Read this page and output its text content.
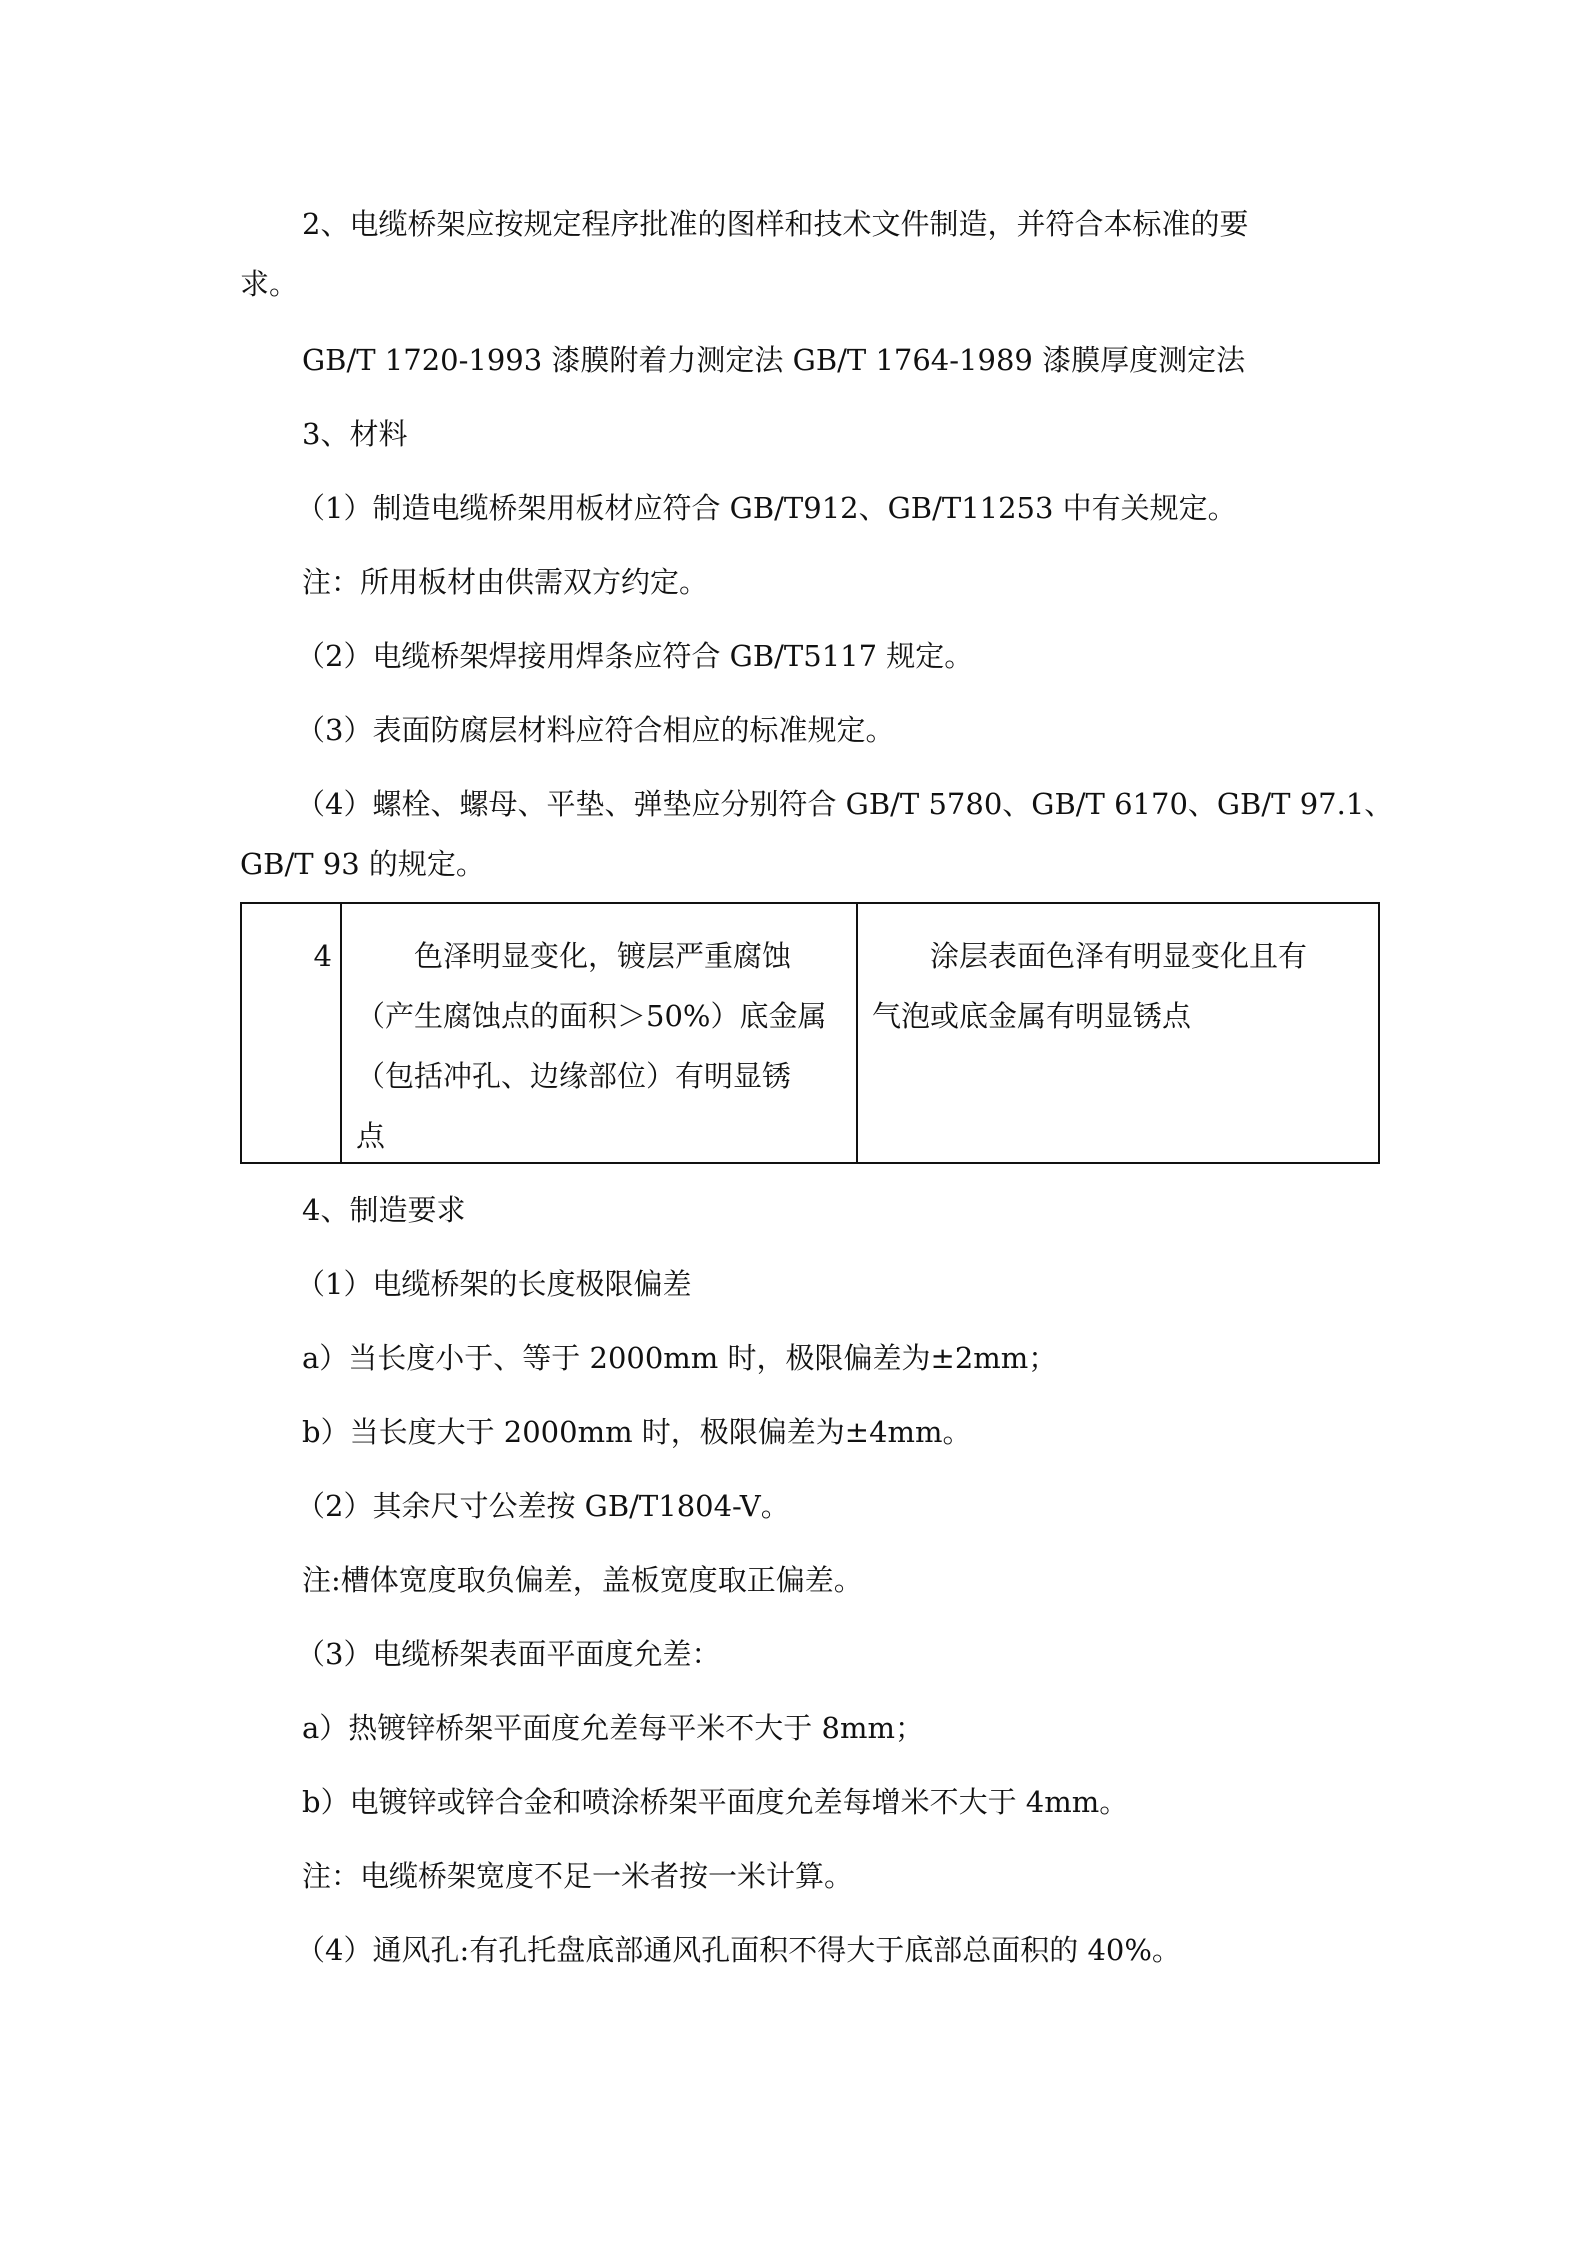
2、电缆桥架应按规定程序批准的图样和技术文件制造，并符合本标准的要
求。
GB/T 1720-1993 漆膜附着力测定法 GB/T 1764-1989 漆膜厚度测定法
3、材料
（1）制造电缆桥架用板材应符合 GB/T912、GB/T11253 中有关规定。
注：所用板材由供需双方约定。
（2）电缆桥架焊接用焊条应符合 GB/T5117 规定。
（3）表面防腐层材料应符合相应的标准规定。
（4）螺栓、螺母、平垫、弹垫应分别符合 GB/T 5780、GB/T 6170、GB/T 97.1、
GB/T 93 的规定。
4	色泽明显变化，镀层严重腐蚀
（产生腐蚀点的面积＞50%）底金属
（包括冲孔、边缘部位）有明显锈
点
涂层表面色泽有明显变化且有
气泡或底金属有明显锈点
4、制造要求
（1）电缆桥架的长度极限偏差
a）当长度小于、等于 2000mm 时，极限偏差为±2mm；
b）当长度大于 2000mm 时，极限偏差为±4mm。
（2）其余尺寸公差按 GB/T1804-V。
注:槽体宽度取负偏差，盖板宽度取正偏差。
（3）电缆桥架表面平面度允差：
a）热镀锌桥架平面度允差每平米不大于 8mm；
b）电镀锌或锌合金和喷涂桥架平面度允差每增米不大于 4mm。
注：电缆桥架宽度不足一米者按一米计算。
（4）通风孔:有孔托盘底部通风孔面积不得大于底部总面积的 40%。
